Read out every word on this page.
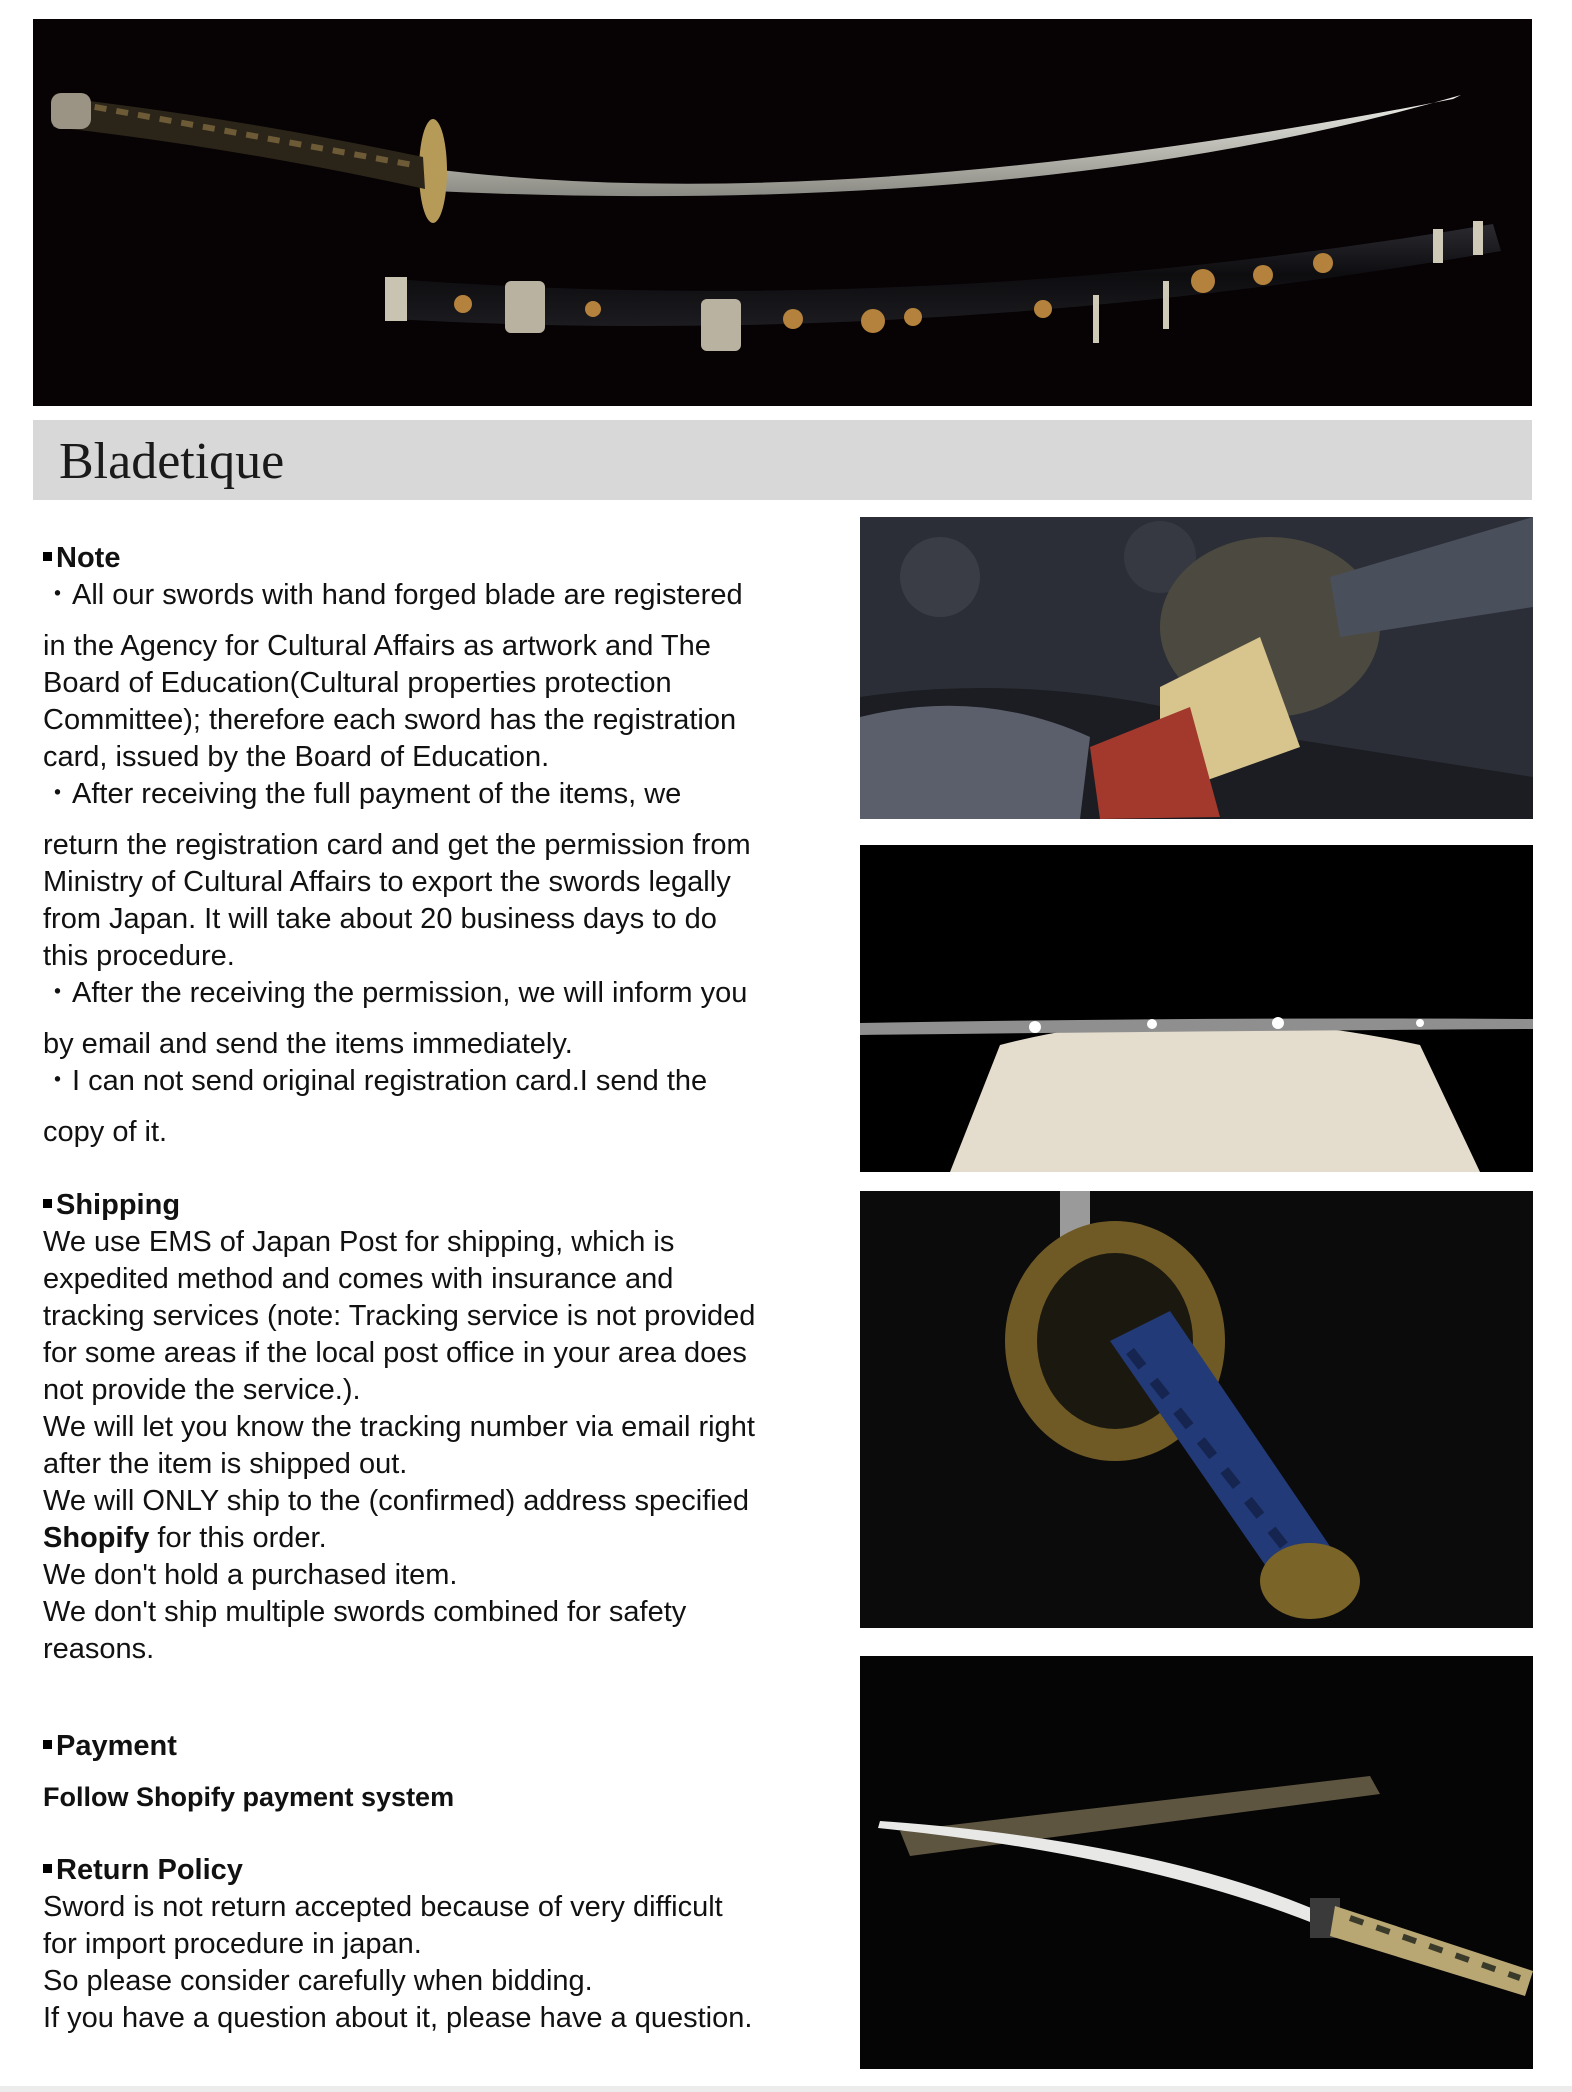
Bladetique
Note
・All our swords with hand forged blade are registered
in the Agency for Cultural Affairs as artwork and The
Board of Education(Cultural properties protection
Committee); therefore each sword has the registration
card, issued by the Board of Education.
・After receiving the full payment of the items, we
return the registration card and get the permission from
Ministry of Cultural Affairs to export the swords legally
from Japan. It will take about 20 business days to do
this procedure.
・After the receiving the permission, we will inform you
by email and send the items immediately.
・I can not send original registration card.I send the
copy of it.
Shipping
We use EMS of Japan Post for shipping, which is
expedited method and comes with insurance and
tracking services (note: Tracking service is not provided
for some areas if the local post office in your area does
not provide the service.).
We will let you know the tracking number via email right
after the item is shipped out.
We will ONLY ship to the (confirmed) address specified
Shopify for this order.
We don't hold a purchased item.
We don't ship multiple swords combined for safety
reasons.
Payment
Follow Shopify payment system
Return Policy
Sword is not return accepted because of very difficult
for import procedure in japan.
So please consider carefully when bidding.
If you have a question about it, please have a question.
